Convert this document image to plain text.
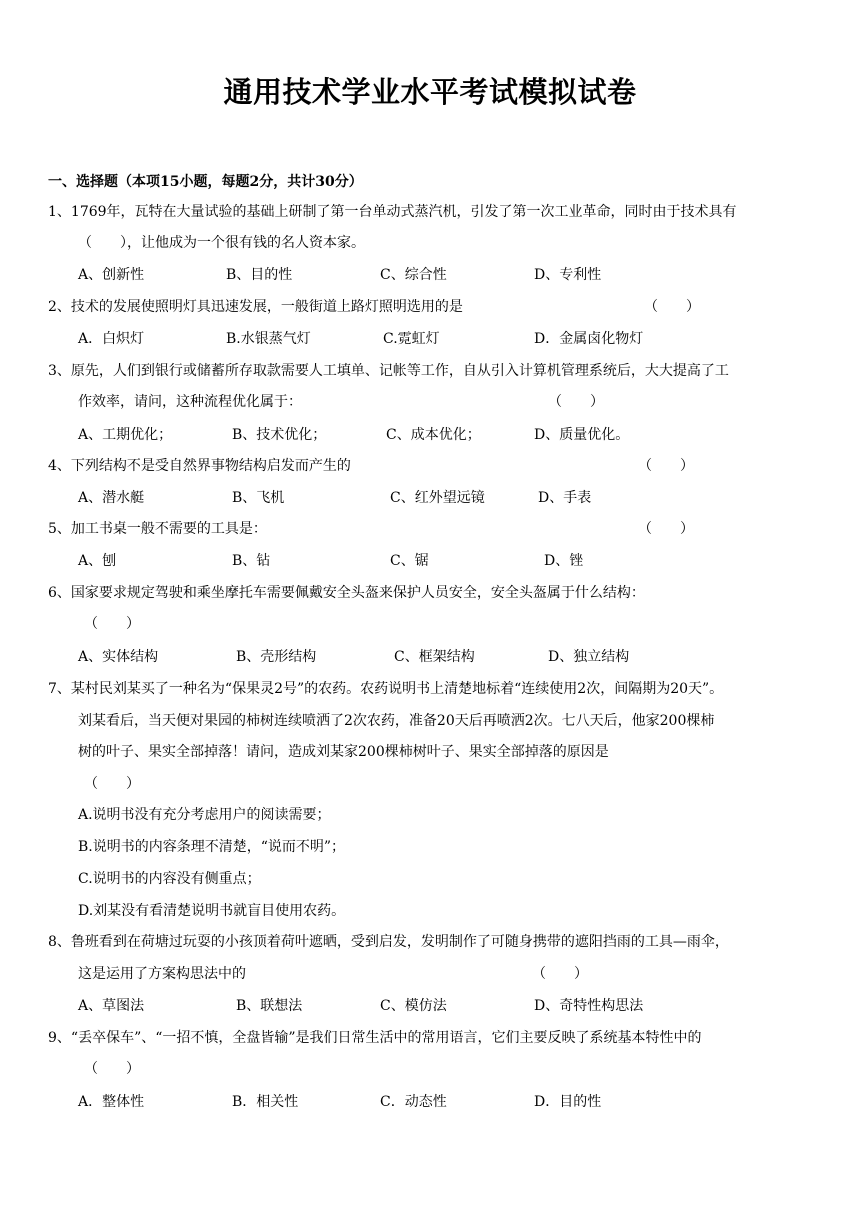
通用技术学业水平考试模拟试卷
一、选择题（本项15小题，每题2分，共计30分）
1、1769年，瓦特在大量试验的基础上研制了第一台单动式蒸汽机，引发了第一次工业革命，同时由于技术具有
（　　），让他成为一个很有钱的名人资本家。
A、创新性	B、目的性	C、综合性	D、专利性
2、技术的发展使照明灯具迅速发展，一般街道上路灯照明选用的是	（　　）
A．白炽灯	B.水银蒸气灯	C.霓虹灯	D．金属卤化物灯
3、原先，人们到银行或储蓄所存取款需要人工填单、记帐等工作，自从引入计算机管理系统后，大大提高了工
作效率，请问，这种流程优化属于：	（　　）
A、工期优化；	B、技术优化；	C、成本优化；	D、质量优化。
4、下列结构不是受自然界事物结构启发而产生的	（　　）
A、潜水艇	B、飞机	C、红外望远镜	D、手表
5、加工书桌一般不需要的工具是：	（　　）
A、刨	B、钻	C、锯	D、锉
6、国家要求规定驾驶和乘坐摩托车需要佩戴安全头盔来保护人员安全，安全头盔属于什么结构：
（　　）
A、实体结构	B、壳形结构	C、框架结构	D、独立结构
7、某村民刘某买了一种名为“保果灵2号”的农药。农药说明书上清楚地标着“连续使用2次，间隔期为20天”。
刘某看后，当天便对果园的柿树连续喷洒了2次农药，准备20天后再喷洒2次。七八天后，他家200棵柿
树的叶子、果实全部掉落！请问，造成刘某家200棵柿树叶子、果实全部掉落的原因是
（　　）
A.说明书没有充分考虑用户的阅读需要；
B.说明书的内容条理不清楚，“说而不明”；
C.说明书的内容没有侧重点；
D.刘某没有看清楚说明书就盲目使用农药。
8、鲁班看到在荷塘过玩耍的小孩顶着荷叶遮晒，受到启发，发明制作了可随身携带的遮阳挡雨的工具—雨伞，
这是运用了方案构思法中的	（　　）
A、草图法	B、联想法	C、模仿法	D、奇特性构思法
9、“丢卒保车”、“一招不慎，全盘皆输”是我们日常生活中的常用语言，它们主要反映了系统基本特性中的
（　　）
A．整体性	B．相关性	C．动态性	D．目的性
